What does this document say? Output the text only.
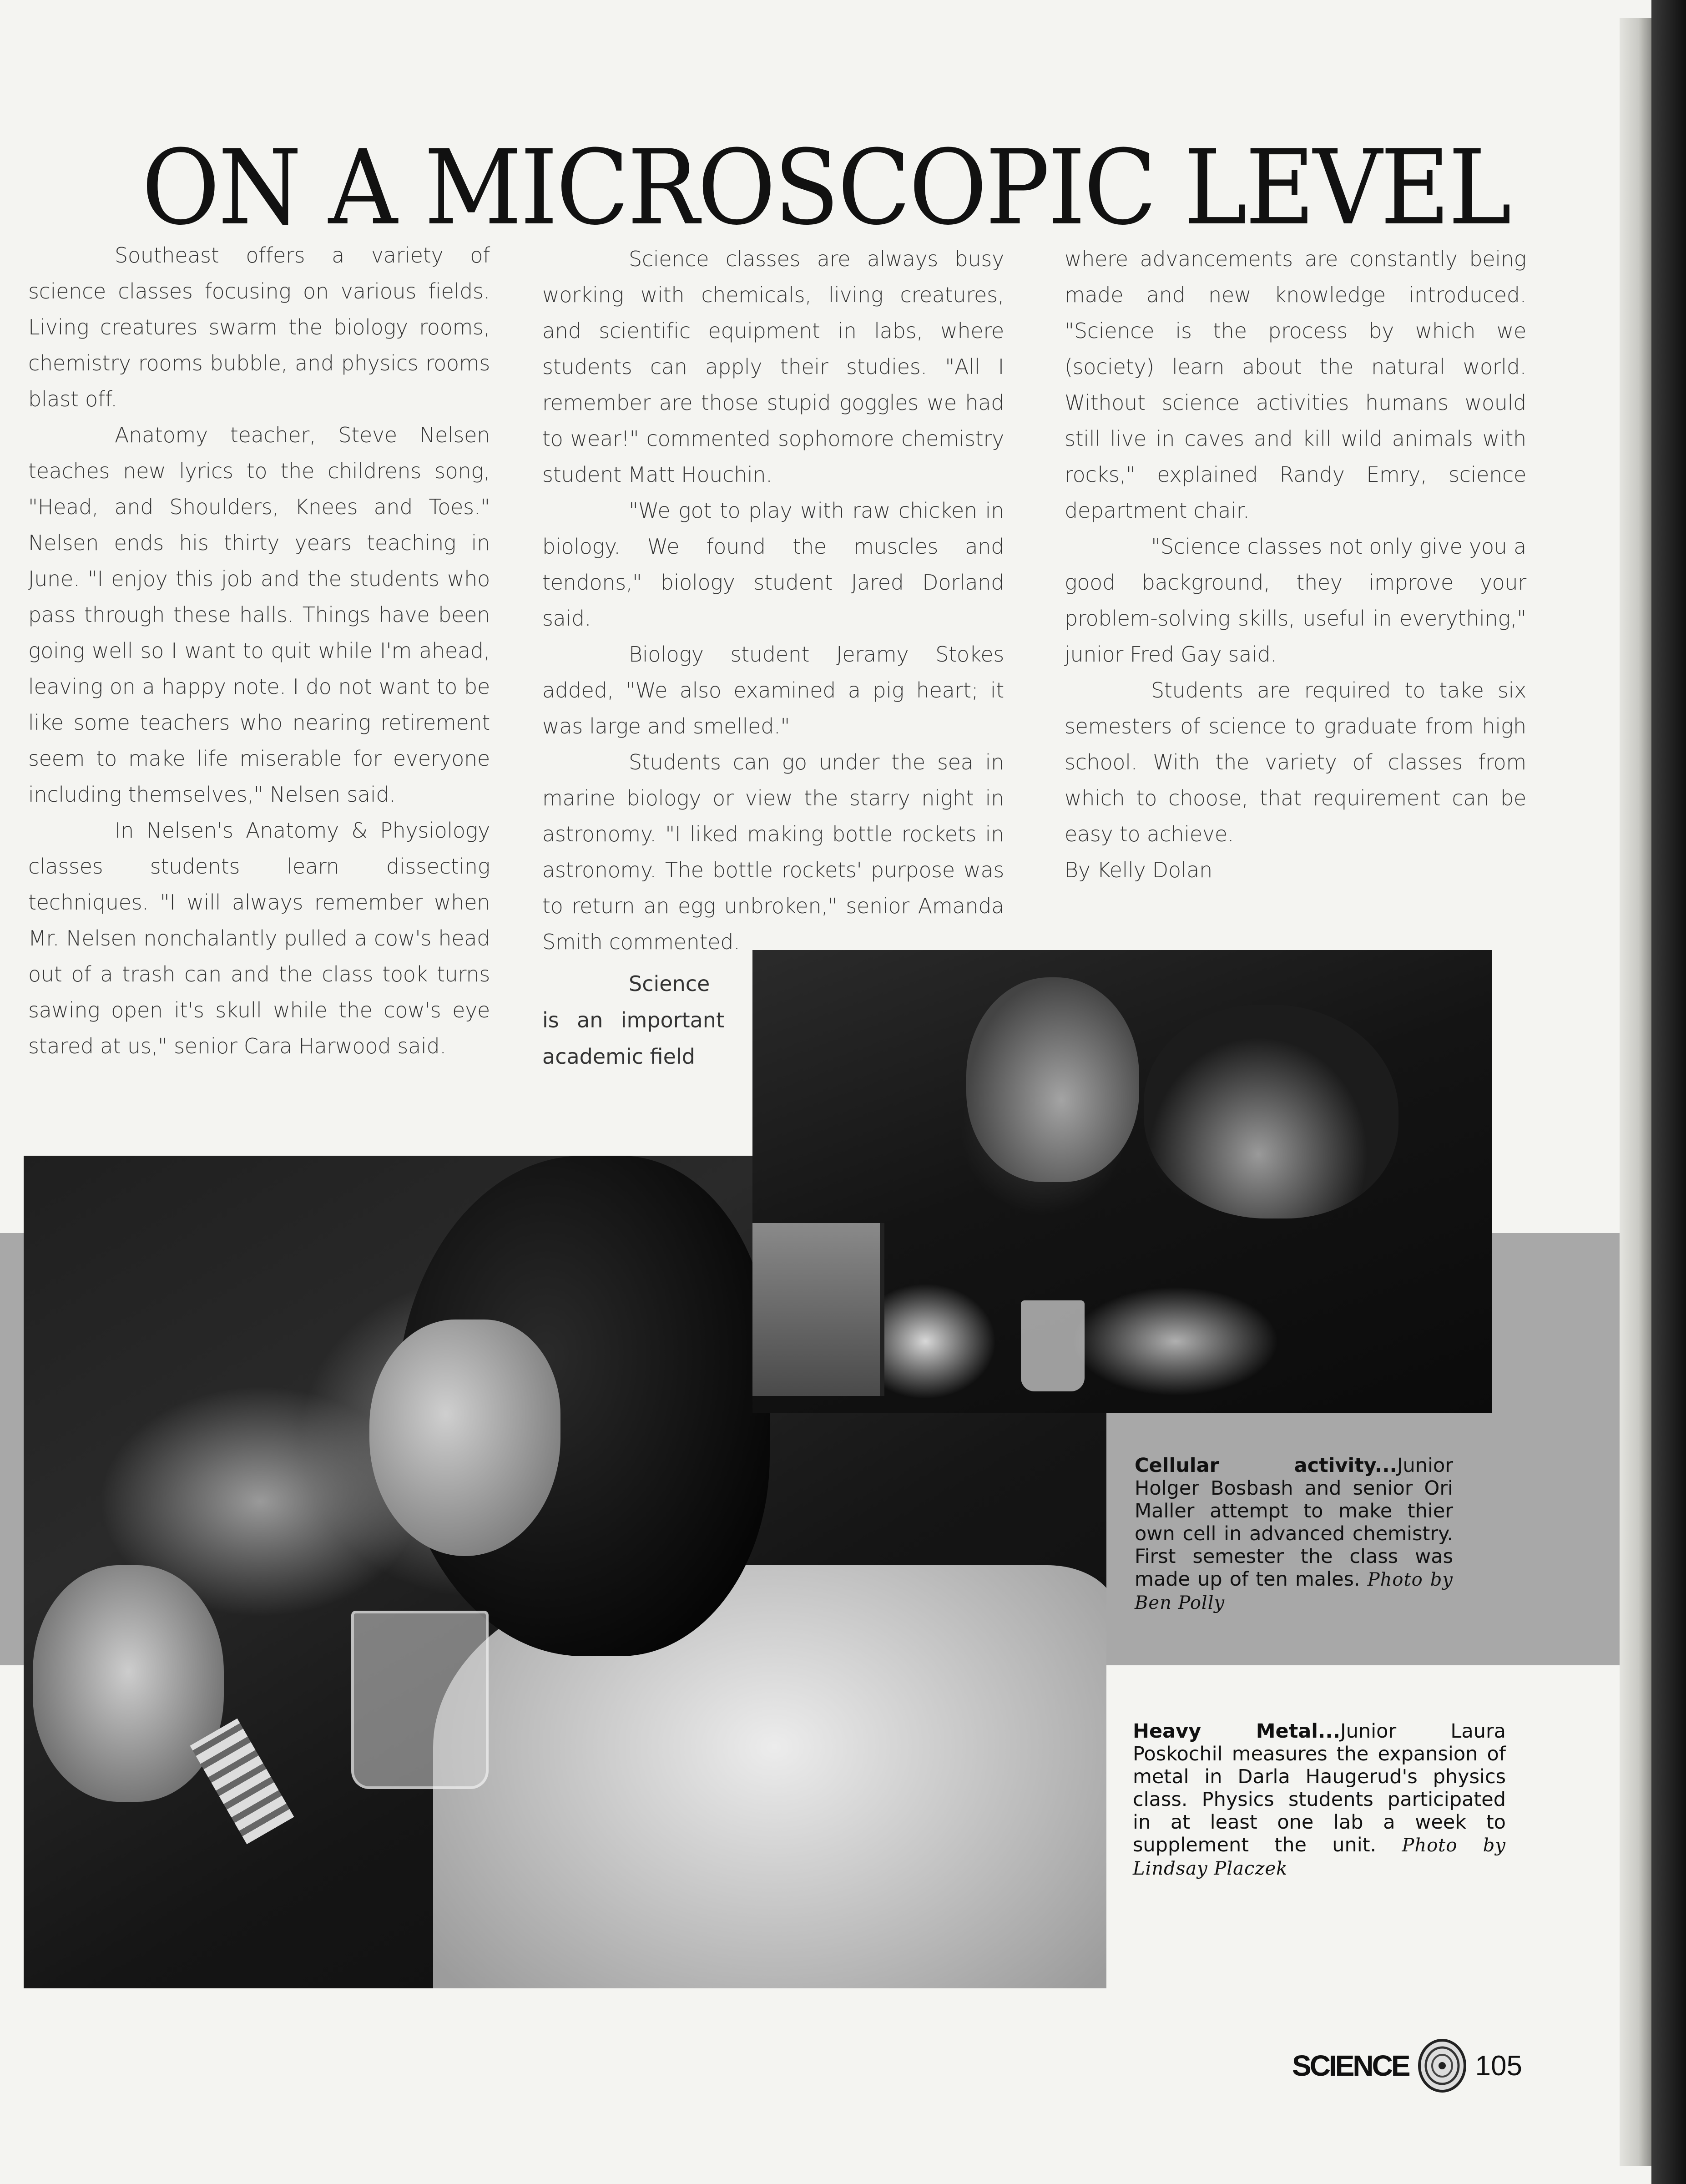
ON A MICROSCOPIC LEVEL

Southeast offers a variety of science classes focusing on various fields. Living creatures swarm the biology rooms, chemistry rooms bubble, and physics rooms blast off.

Anatomy teacher, Steve Nelsen teaches new lyrics to the childrens song, "Head, and Shoulders, Knees and Toes." Nelsen ends his thirty years teaching in June. "I enjoy this job and the students who pass through these halls. Things have been going well so I want to quit while I'm ahead, leaving on a happy note. I do not want to be like some teachers who nearing retirement seem to make life miserable for everyone including themselves," Nelsen said.

In Nelsen's Anatomy & Physiology classes students learn dissecting techniques. "I will always remember when Mr. Nelsen nonchalantly pulled a cow's head out of a trash can and the class took turns sawing open it's skull while the cow's eye stared at us," senior Cara Harwood said.

Science classes are always busy working with chemicals, living creatures, and scientific equipment in labs, where students can apply their studies. "All I remember are those stupid goggles we had to wear!" commented sophomore chemistry student Matt Houchin.

"We got to play with raw chicken in biology. We found the muscles and tendons," biology student Jared Dorland said.

Biology student Jeramy Stokes added, "We also examined a pig heart; it was large and smelled."

Students can go under the sea in marine biology or view the starry night in astronomy. "I liked making bottle rockets in astronomy. The bottle rockets' purpose was to return an egg unbroken," senior Amanda Smith commented.

Science is an important academic field

where advancements are constantly being made and new knowledge introduced. "Science is the process by which we (society) learn about the natural world. Without science activities humans would still live in caves and kill wild animals with rocks," explained Randy Emry, science department chair.

"Science classes not only give you a good background, they improve your problem-solving skills, useful in everything," junior Fred Gay said.

Students are required to take six semesters of science to graduate from high school. With the variety of classes from which to choose, that requirement can be easy to achieve.

By Kelly Dolan

Cellular activity...Junior Holger Bosbash and senior Ori Maller attempt to make thier own cell in advanced chemistry. First semester the class was made up of ten males. Photo by Ben Polly
Heavy Metal...Junior Laura Poskochil measures the expansion of metal in Darla Haugerud's physics class. Physics students participated in at least one lab a week to supplement the unit. Photo by Lindsay Placzek
SCIENCE 105
